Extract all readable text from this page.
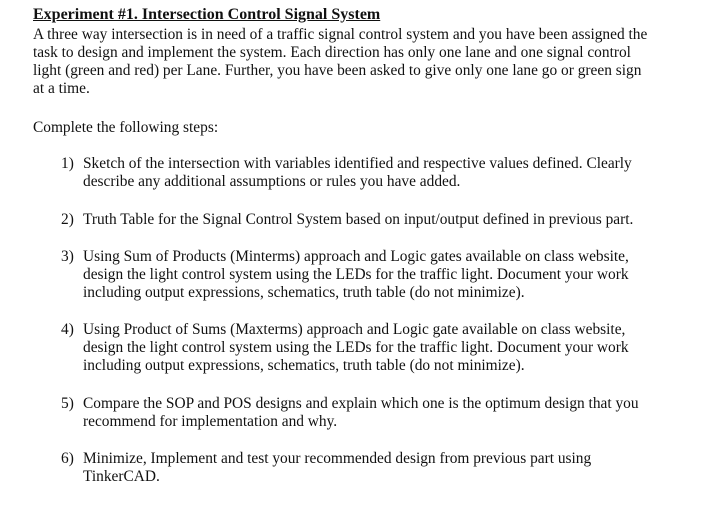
Experiment #1. Intersection Control Signal System
A three way intersection is in need of a traffic signal control system and you have been assigned the
task to design and implement the system. Each direction has only one lane and one signal control
light (green and red) per Lane. Further, you have been asked to give only one lane go or green sign
at a time.
Complete the following steps:
1) Sketch of the intersection with variables identified and respective values defined. Clearly
describe any additional assumptions or rules you have added.
2) Truth Table for the Signal Control System based on input/output defined in previous part.
3) Using Sum of Products (Minterms) approach and Logic gates available on class website,
design the light control system using the LEDs for the traffic light. Document your work
including output expressions, schematics, truth table (do not minimize).
4) Using Product of Sums (Maxterms) approach and Logic gate available on class website,
design the light control system using the LEDs for the traffic light. Document your work
including output expressions, schematics, truth table (do not minimize).
5) Compare the SOP and POS designs and explain which one is the optimum design that you
recommend for implementation and why.
6) Minimize, Implement and test your recommended design from previous part using
TinkerCAD.
